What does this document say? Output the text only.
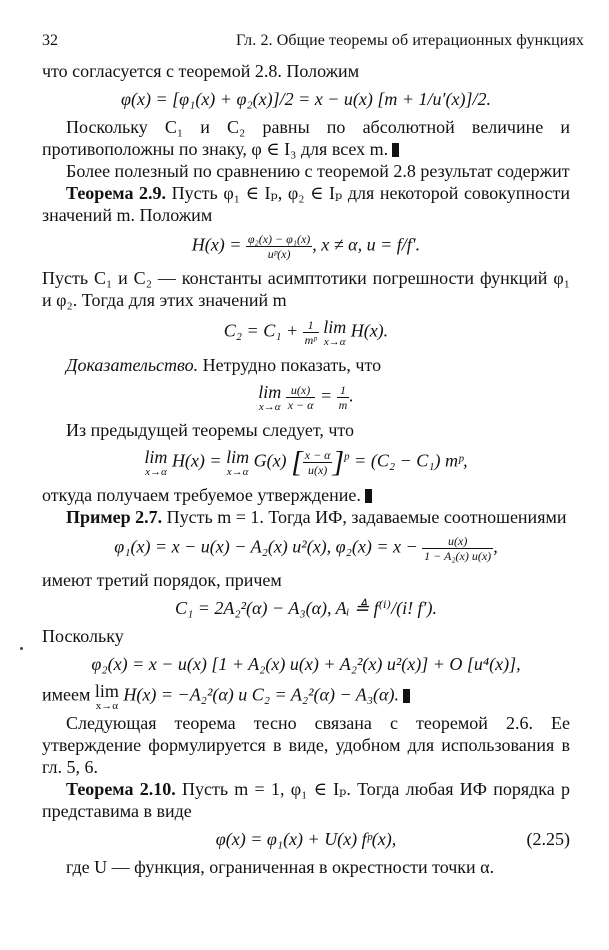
32	Гл. 2. Общие теоремы об итерационных функциях

что согласуется с теоремой 2.8. Положим

φ(x) = [φ₁(x) + φ₂(x)]/2 = x − u(x) [m + 1/u′(x)]/2.

Поскольку C₁ и C₂ равны по абсолютной величине и противоположны по знаку, φ ∈ I₃ для всех m.

Более полезный по сравнению с теоремой 2.8 результат содержит

Теорема 2.9. Пусть φ₁ ∈ Iₚ, φ₂ ∈ Iₚ для некоторой совокупности значений m. Положим

$H(x) = \frac{\text{φ₂(x) − φ₁(x)}}{\text{uᵖ(x)}}$ , x ≠ α, u = f/f′.

Пусть C₁ и C₂ — константы асимптотики погрешности функций φ₁ и φ₂. Тогда для этих значений m

$C_2 = C_1 + \frac{1}{\text{mᵖ}}$
lim
x→α
H(x).

Доказательство. Нетрудно показать, что

lim
x→α
$\frac{u(x)}{x - \alpha} = \frac{1}{m}$ .

Из предыдущей теоремы следует, что

lim
x→α
H(x) = lim
x→α
G(x) [ $\frac{x - \alpha}{u(x)} ]^p = (C_2 - C_1)$ mᵖ,

откуда получаем требуемое утверждение.

Пример 2.7. Пусть m = 1. Тогда ИФ, задаваемые соотношениями

φ₁(x) = x − u(x) − A₂(x) u²(x), $\varphi_2(x) = x - \frac{u(x)}{\text{1 − A₂(x) u(x)}}$ ,

имеют третий порядок, причем

C₁ = 2A₂²(α) − A₃(α), Aᵢ ≜ f⁽ⁱ⁾/(i! f′).

Поскольку

φ₂(x) = x − u(x) [1 + A₂(x) u(x) + A₂²(x) u²(x)] + O [u⁴(x)],

имеем lim
x→α
H(x) = −A₂²(α) и C₂ = A₂²(α) − A₃(α).

Следующая теорема тесно связана с теоремой 2.6. Ее утверждение формулируется в виде, удобном для использования в гл. 5, 6.

Теорема 2.10. Пусть m = 1, φ₁ ∈ Iₚ. Тогда любая ИФ порядка p представима в виде

φ(x) = φ₁(x) + U(x) fᵖ(x),	(2.25)

где U — функция, ограниченная в окрестности точки α.
